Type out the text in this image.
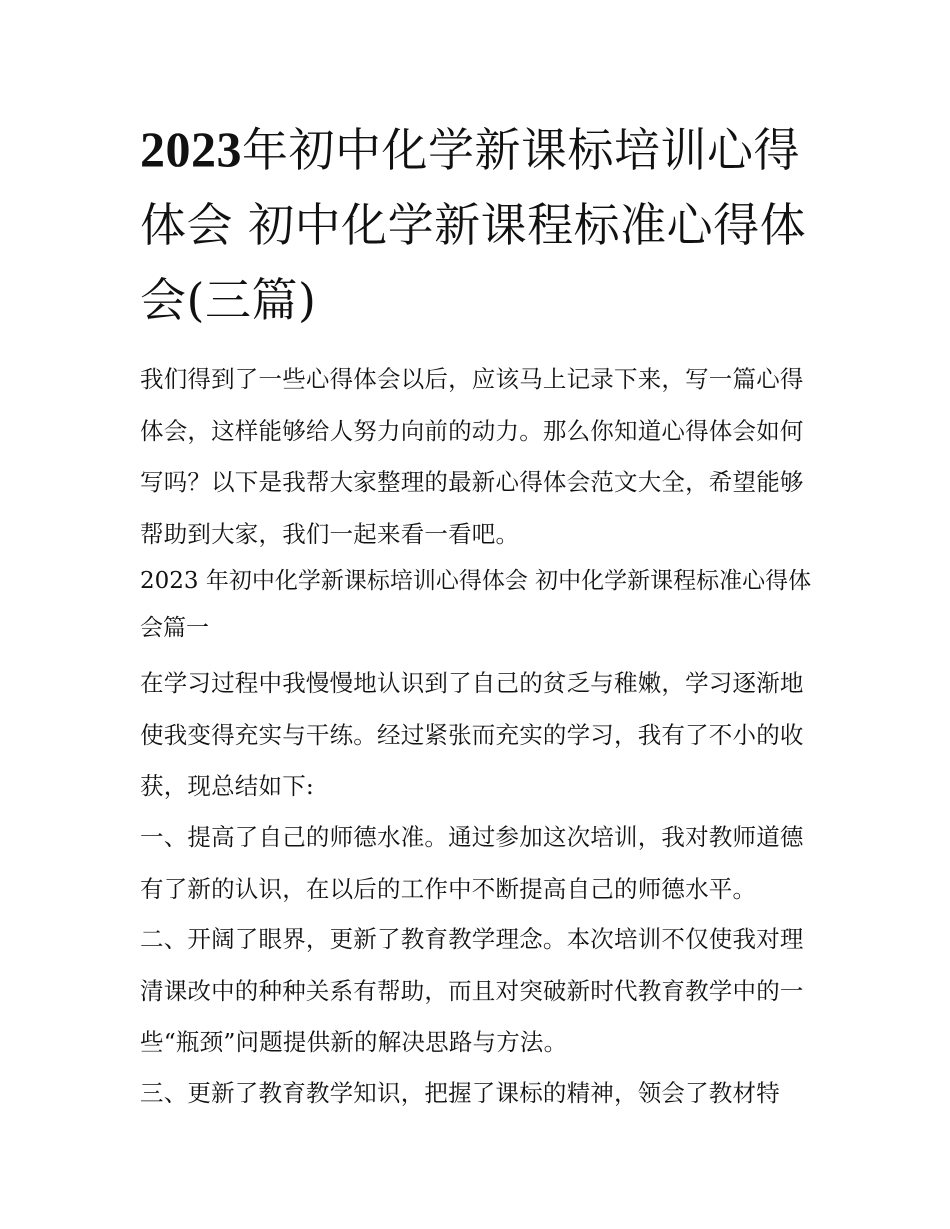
2023年初中化学新课标培训心得体会 初中化学新课程标准心得体会(三篇)

我们得到了一些心得体会以后，应该马上记录下来，写一篇心得体会，这样能够给人努力向前的动力。那么你知道心得体会如何写吗？以下是我帮大家整理的最新心得体会范文大全，希望能够帮助到大家，我们一起来看一看吧。

2023 年初中化学新课标培训心得体会 初中化学新课程标准心得体会篇一

在学习过程中我慢慢地认识到了自己的贫乏与稚嫩，学习逐渐地使我变得充实与干练。经过紧张而充实的学习，我有了不小的收获，现总结如下:

一、提高了自己的师德水准。通过参加这次培训，我对教师道德有了新的认识，在以后的工作中不断提高自己的师德水平。

二、开阔了眼界，更新了教育教学理念。本次培训不仅使我对理清课改中的种种关系有帮助，而且对突破新时代教育教学中的一些“瓶颈”问题提供新的解决思路与方法。

三、更新了教育教学知识，把握了课标的精神，领会了教材特
